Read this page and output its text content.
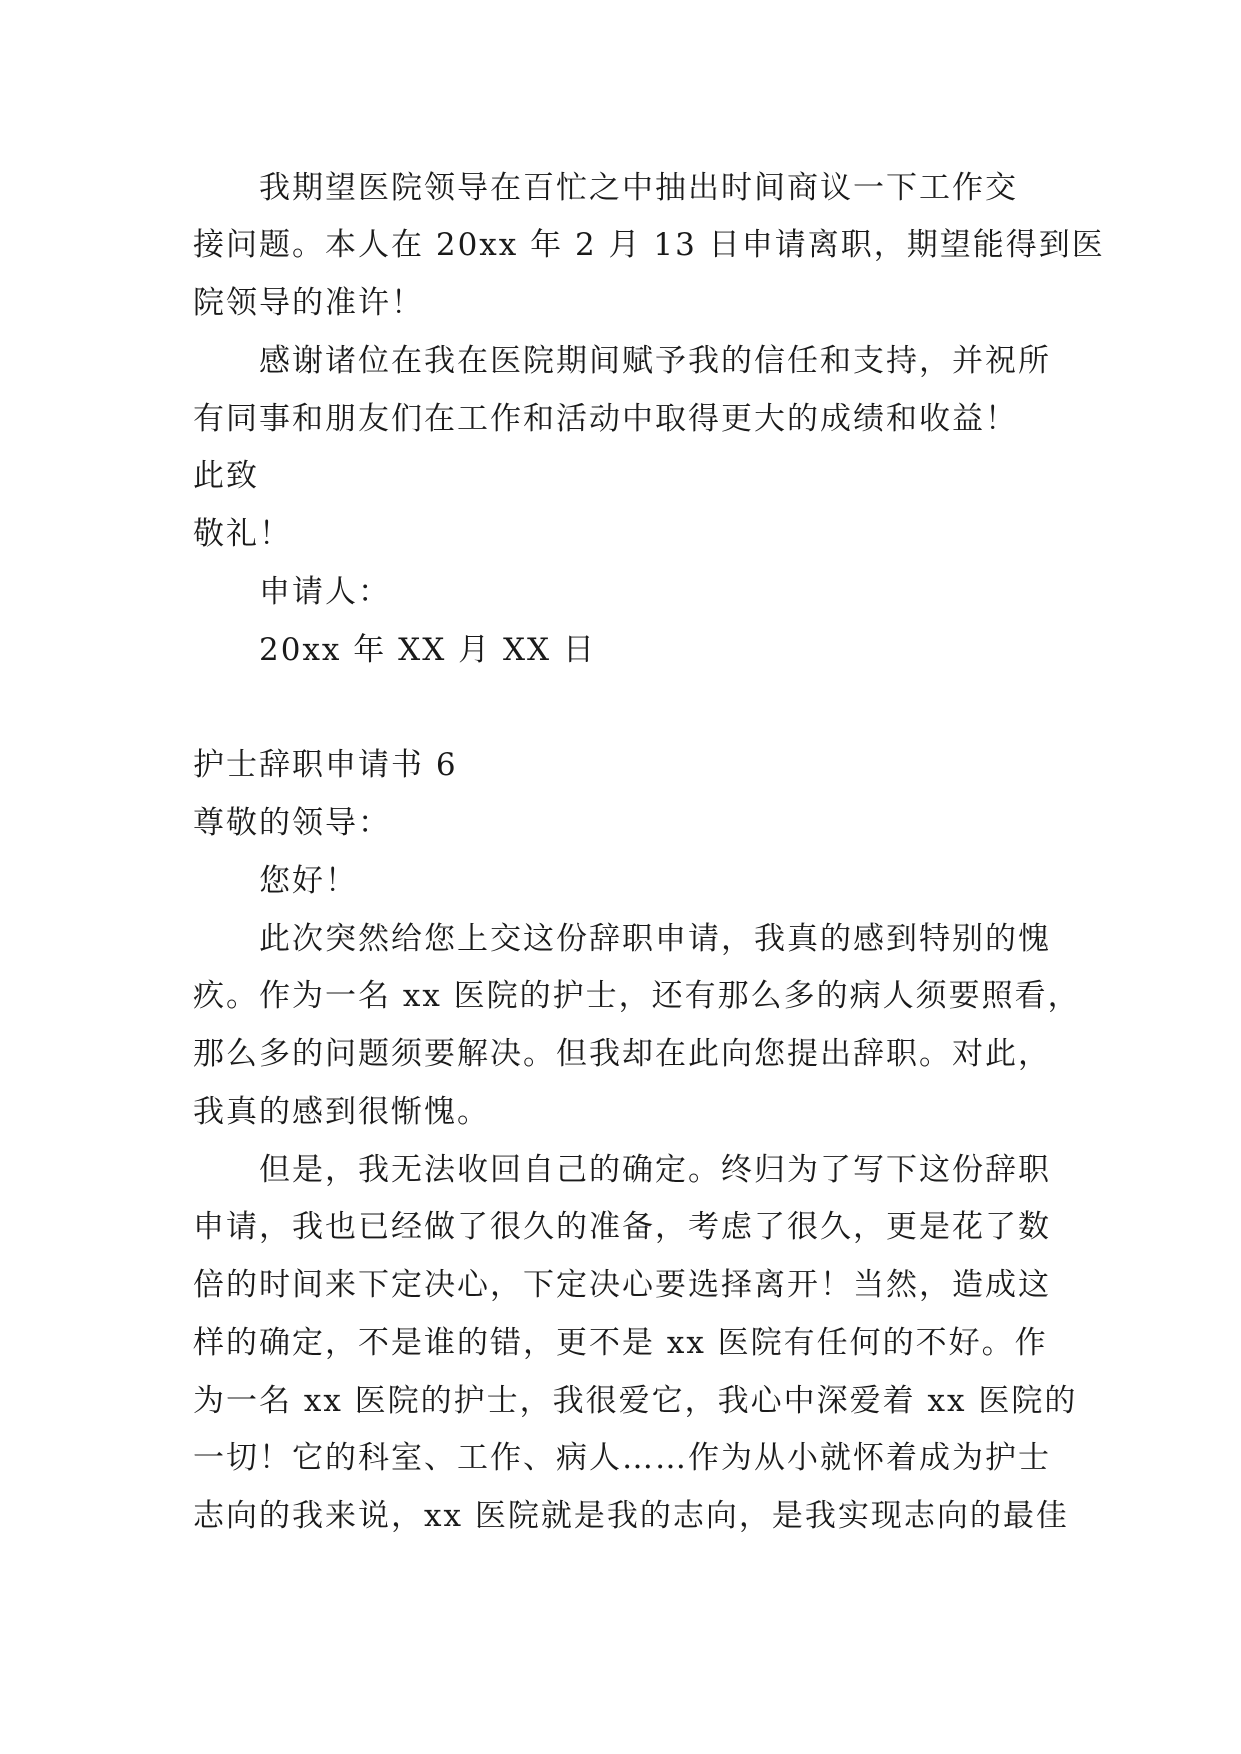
我期望医院领导在百忙之中抽出时间商议一下工作交
接问题。本人在 20xx 年 2 月 13 日申请离职，期望能得到医
院领导的准许！
感谢诸位在我在医院期间赋予我的信任和支持，并祝所
有同事和朋友们在工作和活动中取得更大的成绩和收益！
此致
敬礼！
申请人：
20xx 年 XX 月 XX 日
护士辞职申请书 6
尊敬的领导：
您好！
此次突然给您上交这份辞职申请，我真的感到特别的愧
疚。作为一名 xx 医院的护士，还有那么多的病人须要照看，
那么多的问题须要解决。但我却在此向您提出辞职。对此，
我真的感到很惭愧。
但是，我无法收回自己的确定。终归为了写下这份辞职
申请，我也已经做了很久的准备，考虑了很久，更是花了数
倍的时间来下定决心，下定决心要选择离开！当然，造成这
样的确定，不是谁的错，更不是 xx 医院有任何的不好。作
为一名 xx 医院的护士，我很爱它，我心中深爱着 xx 医院的
一切！它的科室、工作、病人……作为从小就怀着成为护士
志向的我来说，xx 医院就是我的志向，是我实现志向的最佳
